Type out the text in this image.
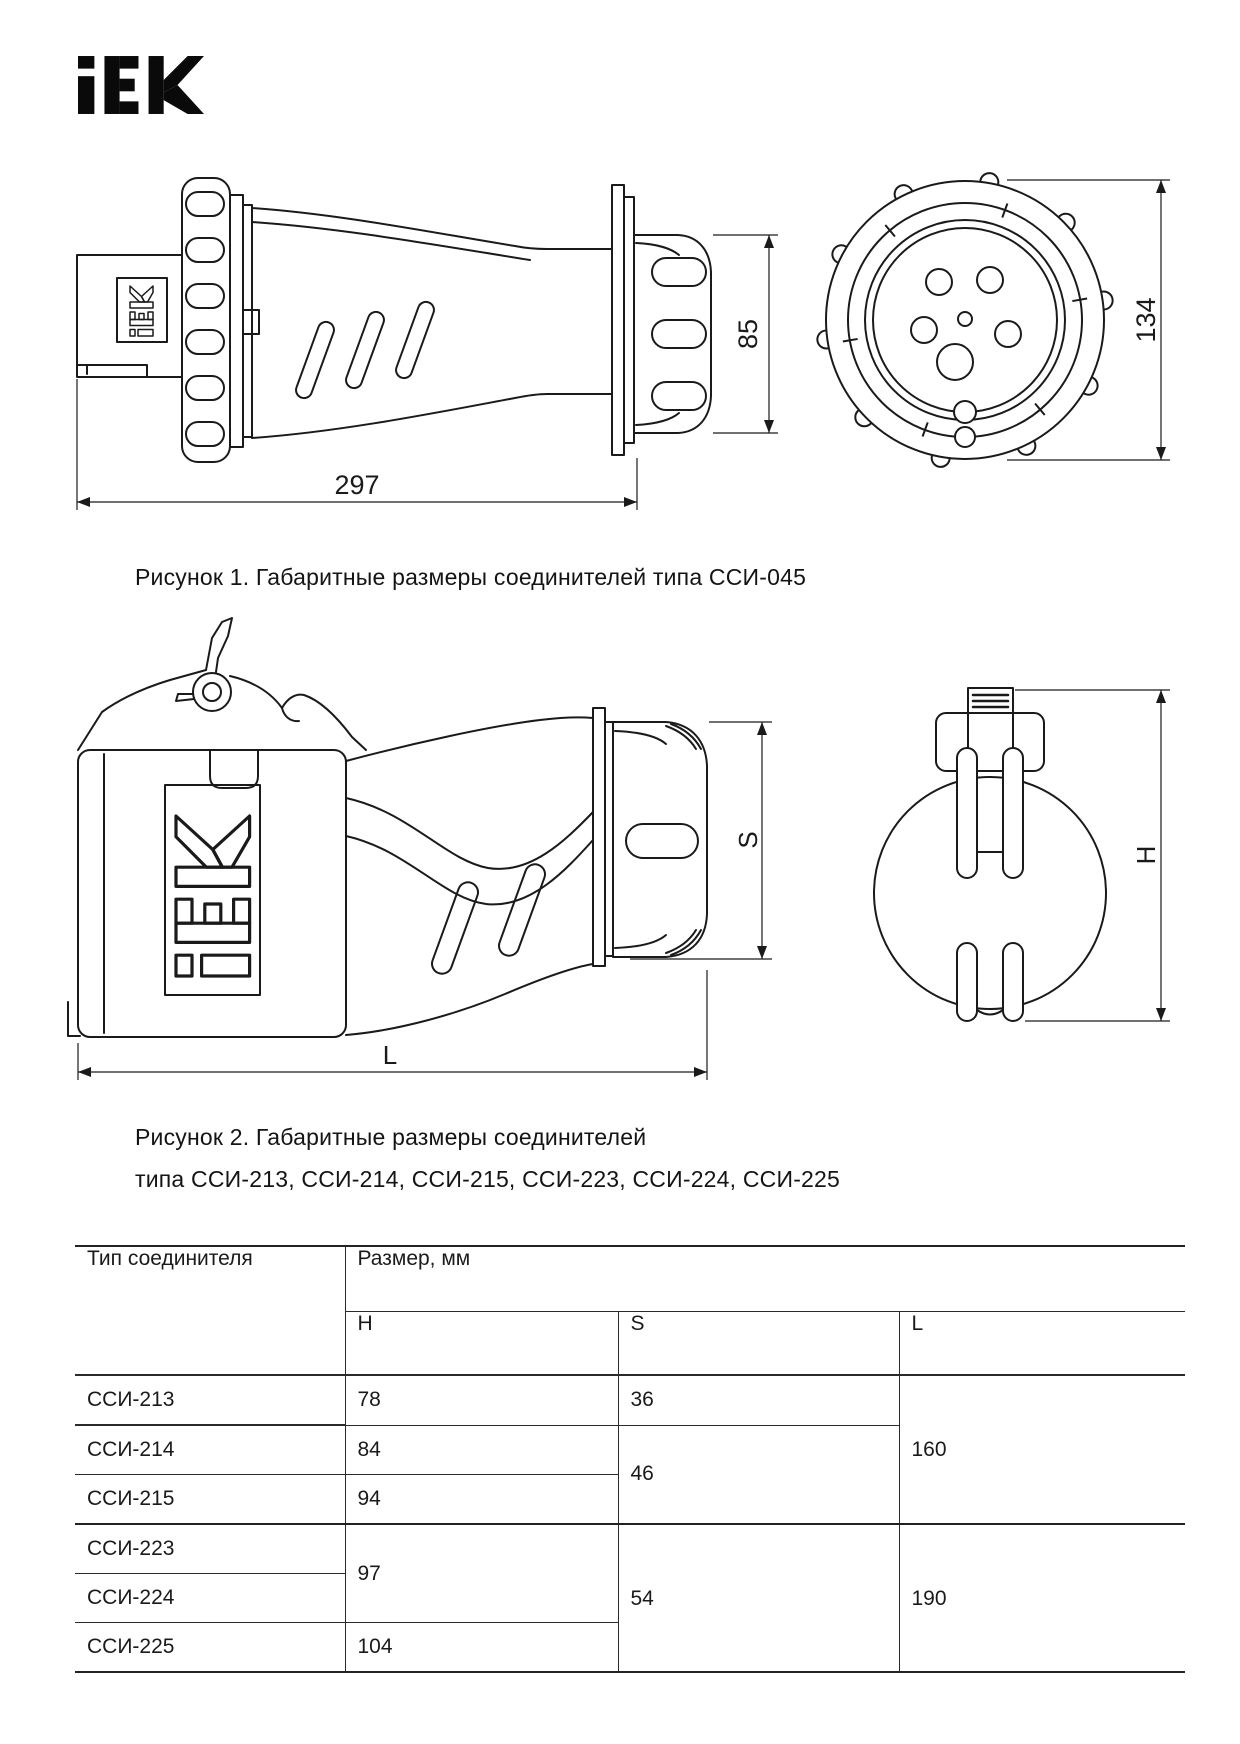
85
297
134
Рисунок 1. Габаритные размеры соединителей типа ССИ-045
S
L
H
Рисунок 2. Габаритные размеры соединителей
типа ССИ-213, ССИ-214, ССИ-215, ССИ-223, ССИ-224, ССИ-225
Тип соединителя	Размер, мм		
	H	S	L
ССИ-213	78	36	160
ССИ-214	84	46	
ССИ-215	94		
ССИ-223	97	54	190
ССИ-224			
ССИ-225	104		
